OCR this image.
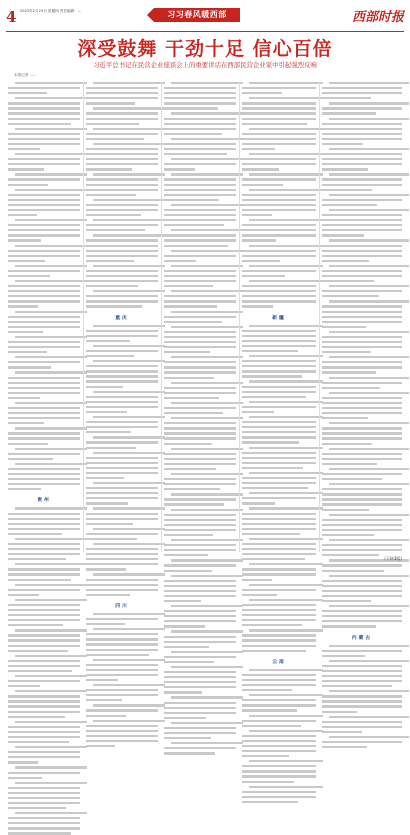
4 2023年2月23日 星期四 责任编辑：...	习习春风暖西部	西部时报
深受鼓舞 干劲十足 信心百倍
习近平总书记在民营企业座谈会上的重要讲话在西部民营企业家中引起强烈反响
本报记者 ……
贵州
重庆
四川
新疆
云南
内蒙古
(下转3版)
